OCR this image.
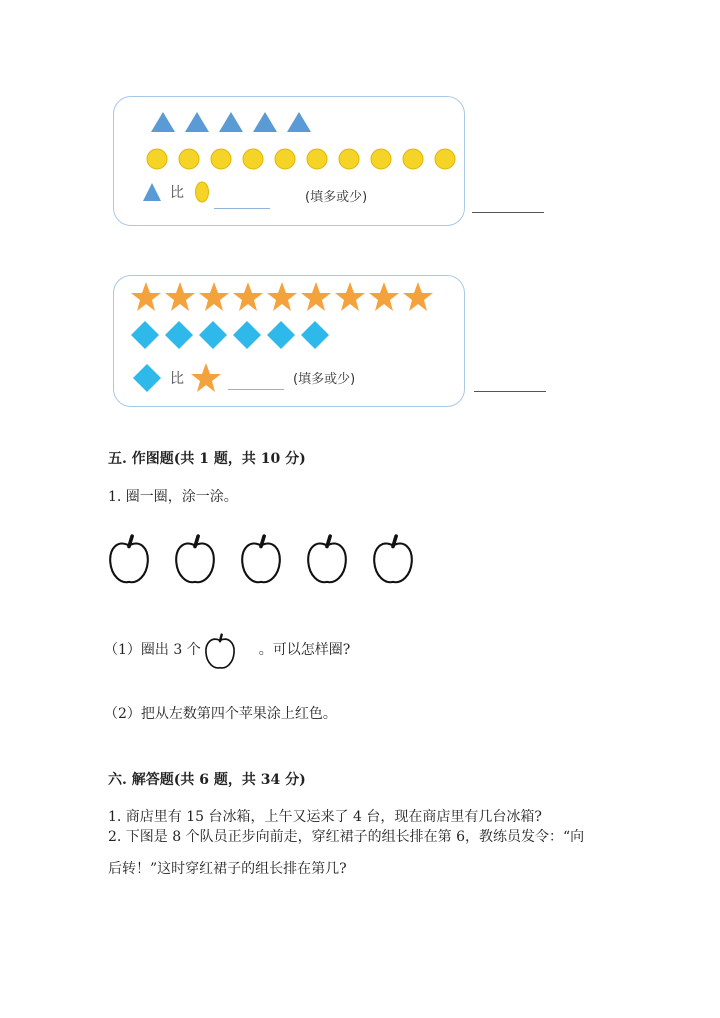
比	(填多或少)
比	(填多或少)
五. 作图题(共 1 题，共 10 分)
1. 圈一圈，涂一涂。
（1）圈出 3 个	。可以怎样圈?
（2）把从左数第四个苹果涂上红色。
六. 解答题(共 6 题，共 34 分)
1. 商店里有 15 台冰箱，上午又运来了 4 台，现在商店里有几台冰箱?
2. 下图是 8 个队员正步向前走，穿红裙子的组长排在第 6，教练员发令：“向
后转！”这时穿红裙子的组长排在第几?
